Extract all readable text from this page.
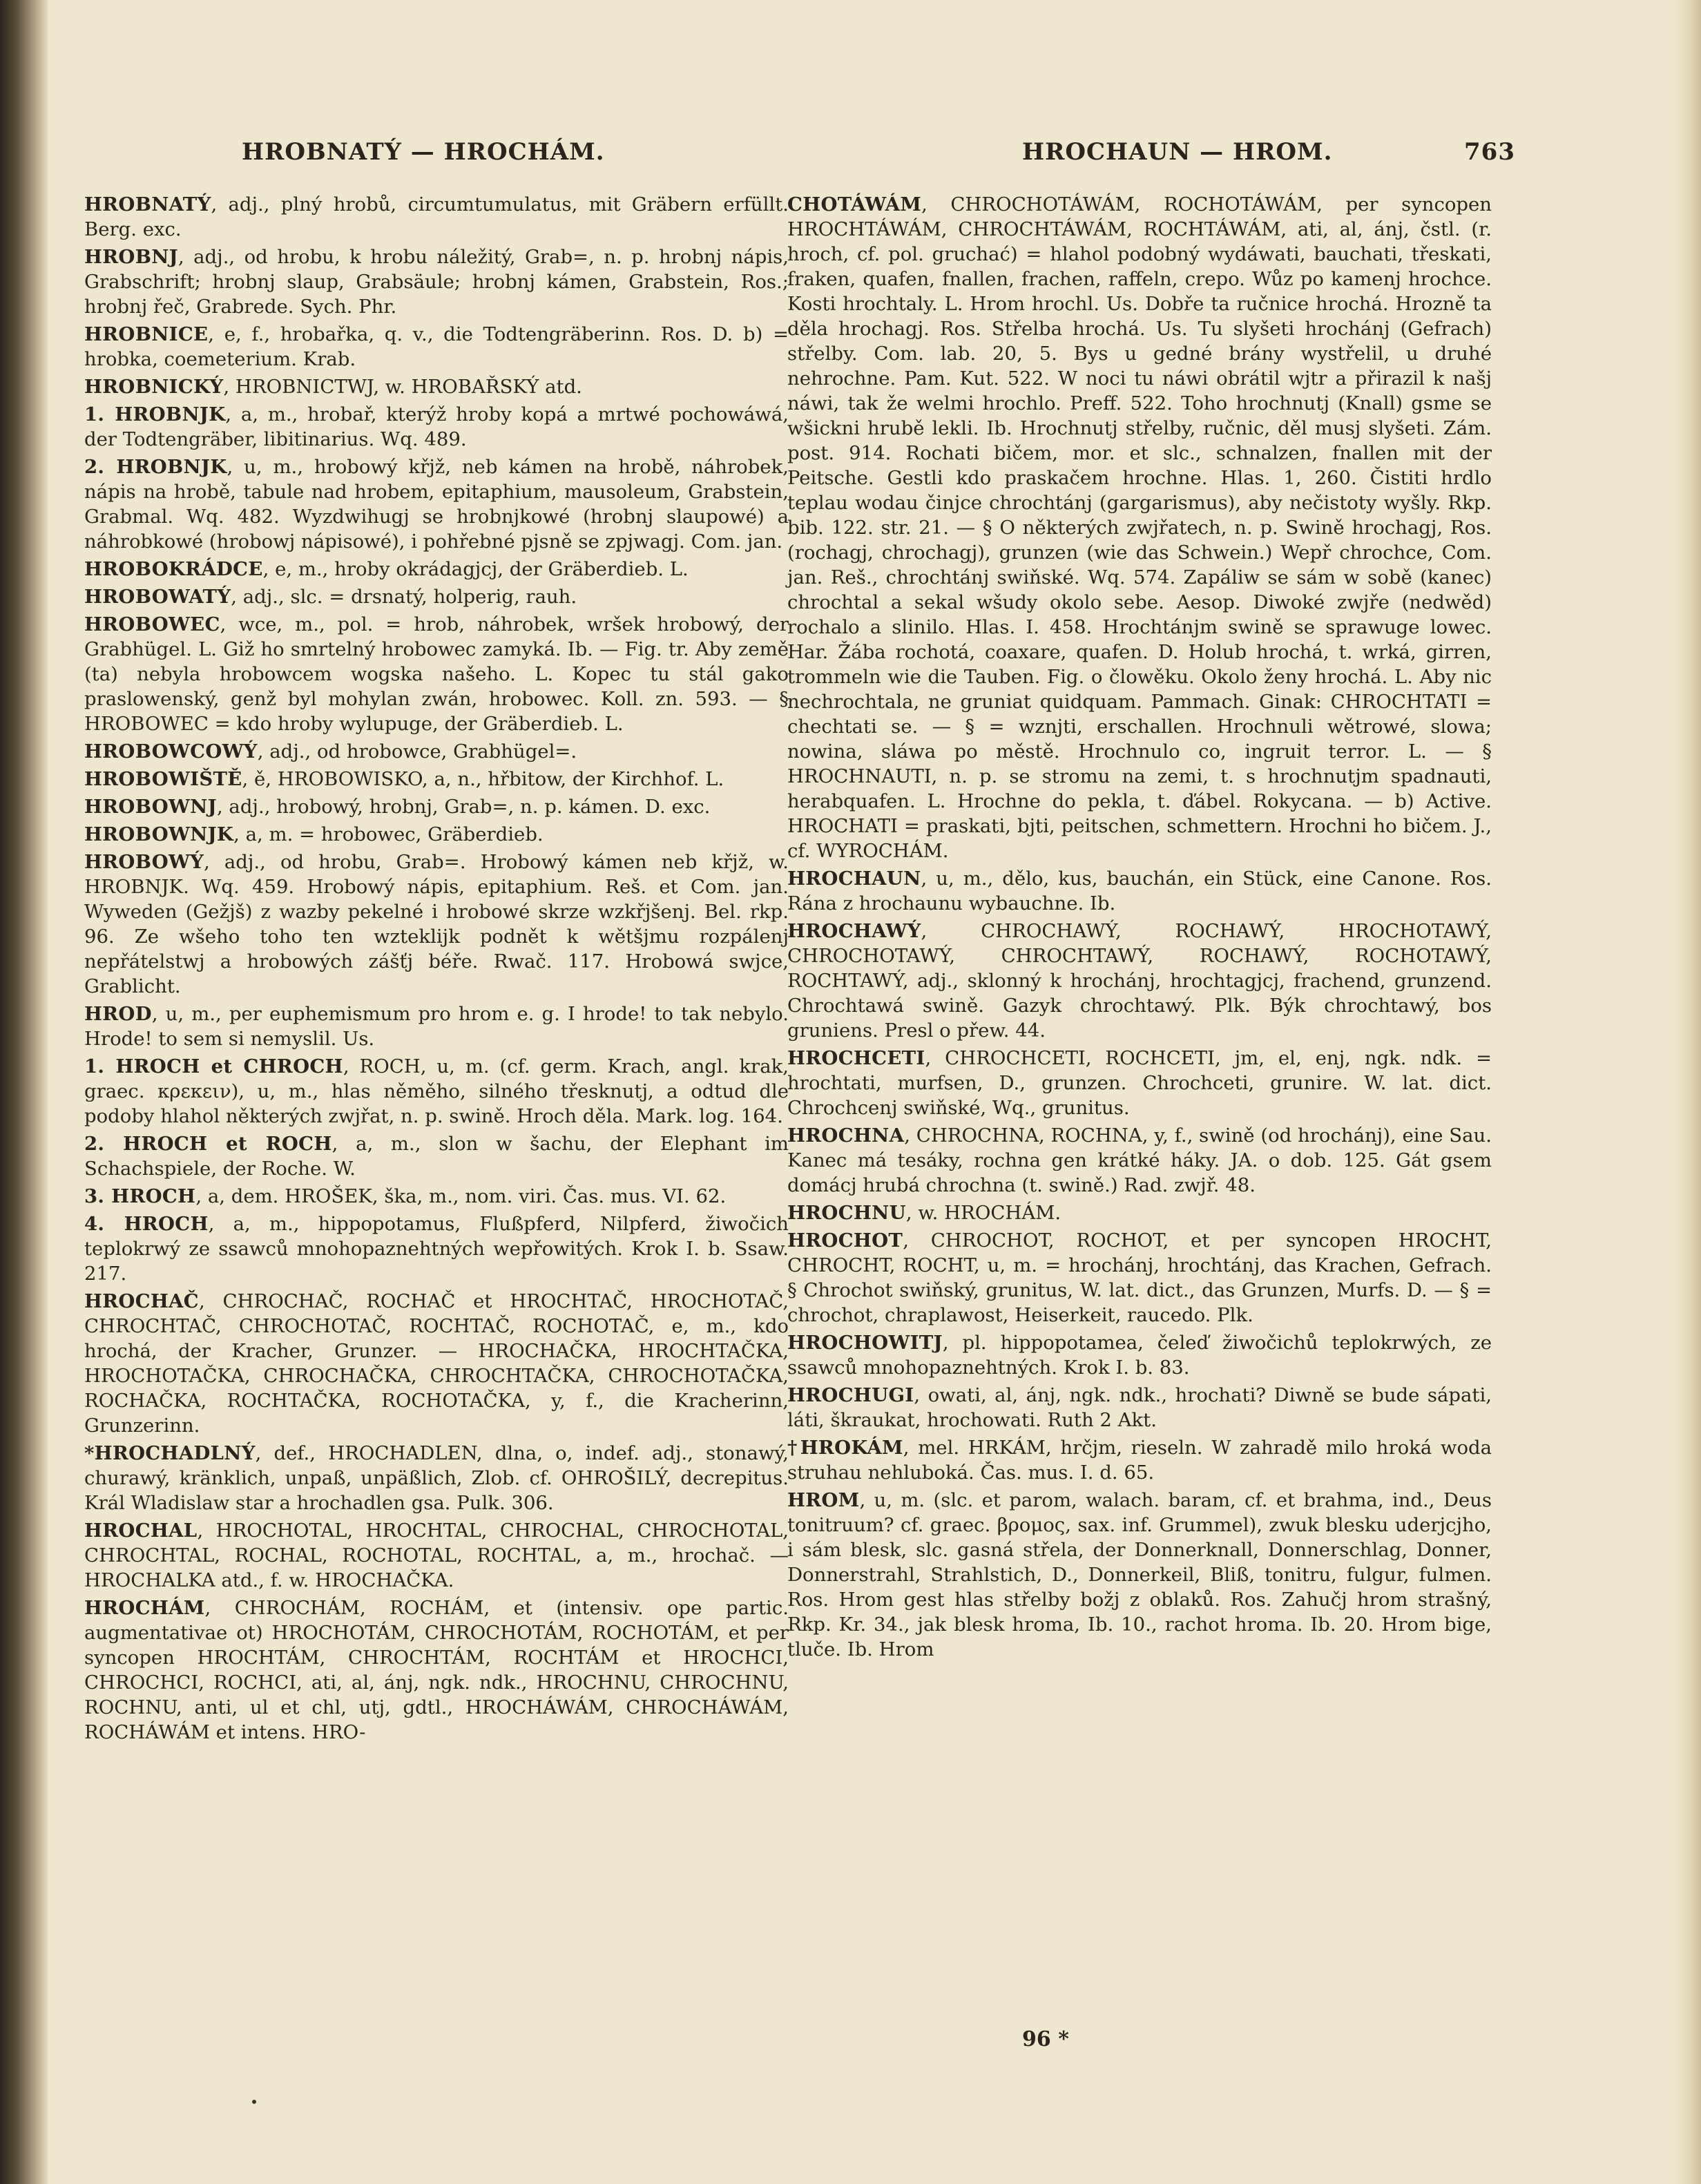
HROBNATÝ — HROCHÁM.	HROCHAUN — HROM.	763

HROBNATÝ, adj., plný hrobů, circumtumulatus, mit Gräbern erfüllt. Berg. exc.

HROBNJ, adj., od hrobu, k hrobu náležitý, Grab=, n. p. hrobnj nápis, Grabschrift; hrobnj slaup, Grabsäule; hrobnj kámen, Grabstein, Ros.; hrobnj řeč, Grabrede. Sych. Phr.

HROBNICE, e, f., hrobařka, q. v., die Todtengräberinn. Ros. D. b) = hrobka, coemeterium. Krab.

HROBNICKÝ, HROBNICTWJ, w. HROBAŘSKÝ atd.

1. HROBNJK, a, m., hrobař, kterýž hroby kopá a mrtwé pochowáwá, der Todtengräber, libitinarius. Wq. 489.

2. HROBNJK, u, m., hrobowý křjž, neb kámen na hrobě, náhrobek, nápis na hrobě, tabule nad hrobem, epitaphium, mausoleum, Grabstein, Grabmal. Wq. 482. Wyzdwihugj se hrobnjkowé (hrobnj slaupowé) a náhrobkowé (hrobowj nápisowé), i pohřebné pjsně se zpjwagj. Com. jan.

HROBOKRÁDCE, e, m., hroby okrádagjcj, der Gräberdieb. L.

HROBOWATÝ, adj., slc. = drsnatý, holperig, rauh.

HROBOWEC, wce, m., pol. = hrob, náhrobek, wršek hrobowý, der Grabhügel. L. Giž ho smrtelný hrobowec zamyká. Ib. — Fig. tr. Aby země (ta) nebyla hrobowcem wogska našeho. L. Kopec tu stál gako praslowenský, genž byl mohylan zwán, hrobowec. Koll. zn. 593. — § HROBOWEC = kdo hroby wylupuge, der Gräberdieb. L.

HROBOWCOWÝ, adj., od hrobowce, Grabhügel=.

HROBOWIŠTĚ, ě, HROBOWISKO, a, n., hřbitow, der Kirchhof. L.

HROBOWNJ, adj., hrobowý, hrobnj, Grab=, n. p. kámen. D. exc.

HROBOWNJK, a, m. = hrobowec, Gräberdieb.

HROBOWÝ, adj., od hrobu, Grab=. Hrobowý kámen neb křjž, w. HROBNJK. Wq. 459. Hrobowý nápis, epitaphium. Reš. et Com. jan. Wyweden (Gežjš) z wazby pekelné i hrobowé skrze wzkřjšenj. Bel. rkp. 96. Ze wšeho toho ten wzteklijk podnět k wětšjmu rozpálenj nepřátelstwj a hrobowých zášťj béře. Rwač. 117. Hrobowá swjce, Grablicht.

HROD, u, m., per euphemismum pro hrom e. g. I hrode! to tak nebylo. Hrode! to sem si nemyslil. Us.

1. HROCH et CHROCH, ROCH, u, m. (cf. germ. Krach, angl. krak, graec. κρεκειν), u, m., hlas něměho, silného třesknutj, a odtud dle podoby hlahol některých zwjřat, n. p. swině. Hroch děla. Mark. log. 164.

2. HROCH et ROCH, a, m., slon w šachu, der Elephant im Schachspiele, der Roche. W.

3. HROCH, a, dem. HROŠEK, ška, m., nom. viri. Čas. mus. VI. 62.

4. HROCH, a, m., hippopotamus, Flußpferd, Nilpferd, žiwočich teplokrwý ze ssawců mnohopaznehtných wepřowitých. Krok I. b. Ssaw. 217.

HROCHAČ, CHROCHAČ, ROCHAČ et HROCHTAČ, HROCHOTAČ, CHROCHTAČ, CHROCHOTAČ, ROCHTAČ, ROCHOTAČ, e, m., kdo hrochá, der Kracher, Grunzer. — HROCHAČKA, HROCHTAČKA, HROCHOTAČKA, CHROCHAČKA, CHROCHTAČKA, CHROCHOTAČKA, ROCHAČKA, ROCHTAČKA, ROCHOTAČKA, y, f., die Kracherinn, Grunzerinn.

*HROCHADLNÝ, def., HROCHADLEN, dlna, o, indef. adj., stonawý, churawý, kränklich, unpaß, unpäßlich, Zlob. cf. OHROŠILÝ, decrepitus. Král Wladislaw star a hrochadlen gsa. Pulk. 306.

HROCHAL, HROCHOTAL, HROCHTAL, CHROCHAL, CHROCHOTAL, CHROCHTAL, ROCHAL, ROCHOTAL, ROCHTAL, a, m., hrochač. — HROCHALKA atd., f. w. HROCHAČKA.

HROCHÁM, CHROCHÁM, ROCHÁM, et (intensiv. ope partic. augmentativae ot) HROCHOTÁM, CHROCHOTÁM, ROCHOTÁM, et per syncopen HROCHTÁM, CHROCHTÁM, ROCHTÁM et HROCHCI, CHROCHCI, ROCHCI, ati, al, ánj, ngk. ndk., HROCHNU, CHROCHNU, ROCHNU, anti, ul et chl, utj, gdtl., HROCHÁWÁM, CHROCHÁWÁM, ROCHÁWÁM et intens. HRO-

CHOTÁWÁM, CHROCHOTÁWÁM, ROCHOTÁWÁM, per syncopen HROCHTÁWÁM, CHROCHTÁWÁM, ROCHTÁWÁM, ati, al, ánj, čstl. (r. hroch, cf. pol. gruchać) = hlahol podobný wydáwati, bauchati, třeskati, fraken, quafen, fnallen, frachen, raffeln, crepo. Wůz po kamenj hrochce. Kosti hrochtaly. L. Hrom hrochl. Us. Dobře ta ručnice hrochá. Hrozně ta děla hrochagj. Ros. Střelba hrochá. Us. Tu slyšeti hrochánj (Gefrach) střelby. Com. lab. 20, 5. Bys u gedné brány wystřelil, u druhé nehrochne. Pam. Kut. 522. W noci tu náwi obrátil wjtr a přirazil k našj náwi, tak že welmi hrochlo. Preff. 522. Toho hrochnutj (Knall) gsme se wšickni hrubě lekli. Ib. Hrochnutj střelby, ručnic, děl musj slyšeti. Zám. post. 914. Rochati bičem, mor. et slc., schnalzen, fnallen mit der Peitsche. Gestli kdo praskačem hrochne. Hlas. 1, 260. Čistiti hrdlo teplau wodau činjce chrochtánj (gargarismus), aby nečistoty wyšly. Rkp. bib. 122. str. 21. — § O některých zwjřatech, n. p. Swině hrochagj, Ros. (rochagj, chrochagj), grunzen (wie das Schwein.) Wepř chrochce, Com. jan. Reš., chrochtánj swiňské. Wq. 574. Zapáliw se sám w sobě (kanec) chrochtal a sekal wšudy okolo sebe. Aesop. Diwoké zwjře (nedwěd) rochalo a slinilo. Hlas. I. 458. Hrochtánjm swině se sprawuge lowec. Har. Žába rochotá, coaxare, quafen. D. Holub hrochá, t. wrká, girren, trommeln wie die Tauben. Fig. o člowěku. Okolo ženy hrochá. L. Aby nic nechrochtala, ne gruniat quidquam. Pammach. Ginak: CHROCHTATI = chechtati se. — § = wznjti, erschallen. Hrochnuli wětrowé, slowa; nowina, sláwa po městě. Hrochnulo co, ingruit terror. L. — § HROCHNAUTI, n. p. se stromu na zemi, t. s hrochnutjm spadnauti, herabquafen. L. Hrochne do pekla, t. ďábel. Rokycana. — b) Active. HROCHATI = praskati, bjti, peitschen, schmettern. Hrochni ho bičem. J., cf. WYROCHÁM.

HROCHAUN, u, m., dělo, kus, bauchán, ein Stück, eine Canone. Ros. Rána z hrochaunu wybauchne. Ib.

HROCHAWÝ, CHROCHAWÝ, ROCHAWÝ, HROCHOTAWÝ, CHROCHOTAWÝ, CHROCHTAWÝ, ROCHAWÝ, ROCHOTAWÝ, ROCHTAWÝ, adj., sklonný k hrochánj, hrochtagjcj, frachend, grunzend. Chrochtawá swině. Gazyk chrochtawý. Plk. Býk chrochtawý, bos gruniens. Presl o přew. 44.

HROCHCETI, CHROCHCETI, ROCHCETI, jm, el, enj, ngk. ndk. = hrochtati, murfsen, D., grunzen. Chrochceti, grunire. W. lat. dict. Chrochcenj swiňské, Wq., grunitus.

HROCHNA, CHROCHNA, ROCHNA, y, f., swině (od hrochánj), eine Sau. Kanec má tesáky, rochna gen krátké háky. JA. o dob. 125. Gát gsem domácj hrubá chrochna (t. swině.) Rad. zwjř. 48.

HROCHNU, w. HROCHÁM.

HROCHOT, CHROCHOT, ROCHOT, et per syncopen HROCHT, CHROCHT, ROCHT, u, m. = hrochánj, hrochtánj, das Krachen, Gefrach. § Chrochot swiňský, grunitus, W. lat. dict., das Grunzen, Murfs. D. — § = chrochot, chraplawost, Heiserkeit, raucedo. Plk.

HROCHOWITJ, pl. hippopotamea, čeleď žiwočichů teplokrwých, ze ssawců mnohopaznehtných. Krok I. b. 83.

HROCHUGI, owati, al, ánj, ngk. ndk., hrochati? Diwně se bude sápati, láti, škraukat, hrochowati. Ruth 2 Akt.

†HROKÁM, mel. HRKÁM, hrčjm, rieseln. W zahradě milo hroká woda struhau nehluboká. Čas. mus. I. d. 65.

HROM, u, m. (slc. et parom, walach. baram, cf. et brahma, ind., Deus tonitruum? cf. graec. βρομος, sax. inf. Grummel), zwuk blesku uderjcjho, i sám blesk, slc. gasná střela, der Donnerknall, Donnerschlag, Donner, Donnerstrahl, Strahlstich, D., Donnerkeil, Bliß, tonitru, fulgur, fulmen. Ros. Hrom gest hlas střelby božj z oblaků. Ros. Zahučj hrom strašný, Rkp. Kr. 34., jak blesk hroma, Ib. 10., rachot hroma. Ib. 20. Hrom bige, tluče. Ib. Hrom

96 *
